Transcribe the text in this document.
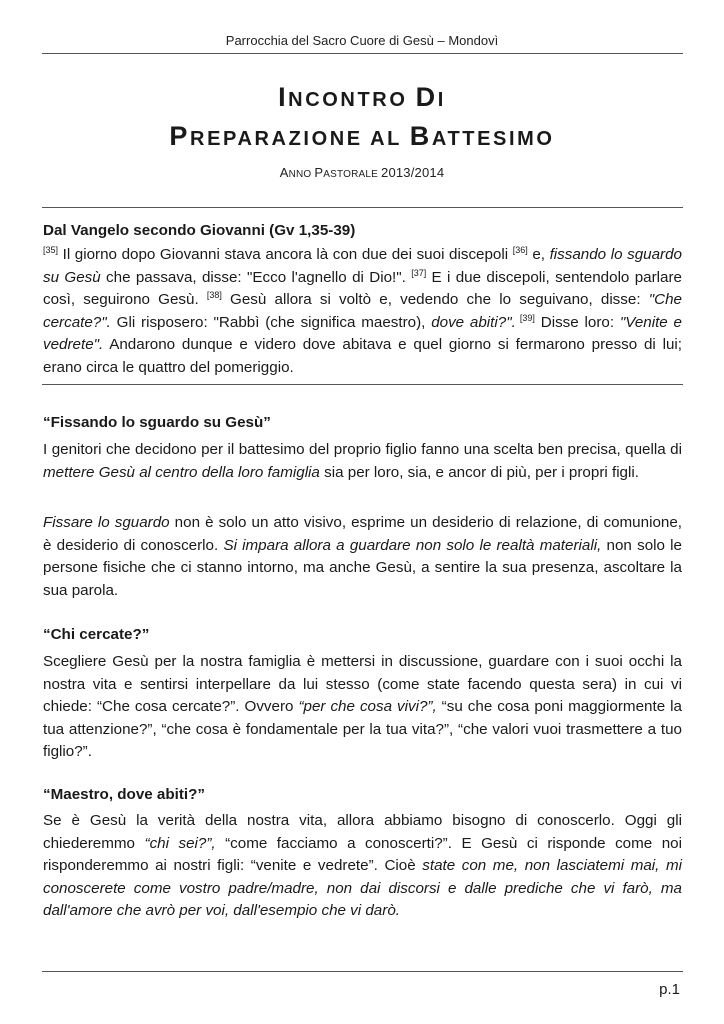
Parrocchia del Sacro Cuore di Gesù – Mondovì
INCONTRO DI
PREPARAZIONE AL BATTESIMO
ANNO PASTORALE 2013/2014
Dal Vangelo secondo Giovanni (Gv 1,35-39)
[35] Il giorno dopo Giovanni stava ancora là con due dei suoi discepoli [36] e, fissando lo sguardo su Gesù che passava, disse: "Ecco l'agnello di Dio!". [37] E i due discepoli, sentendolo parlare così, seguirono Gesù. [38] Gesù allora si voltò e, vedendo che lo seguivano, disse: "Che cercate?". Gli risposero: "Rabbì (che significa maestro), dove abiti?". [39] Disse loro: "Venite e vedrete". Andarono dunque e videro dove abitava e quel giorno si fermarono presso di lui; erano circa le quattro del pomeriggio.
“Fissando lo sguardo su Gesù”
I genitori che decidono per il battesimo del proprio figlio fanno una scelta ben precisa, quella di mettere Gesù al centro della loro famiglia sia per loro, sia, e ancor di più, per i propri figli.
Fissare lo sguardo non è solo un atto visivo, esprime un desiderio di relazione, di comunione, è desiderio di conoscerlo. Si impara allora a guardare non solo le realtà materiali, non solo le persone fisiche che ci stanno intorno, ma anche Gesù, a sentire la sua presenza, ascoltare la sua parola.
“Chi cercate?”
Scegliere Gesù per la nostra famiglia è mettersi in discussione, guardare con i suoi occhi la nostra vita e sentirsi interpellare da lui stesso (come state facendo questa sera) in cui vi chiede: “Che cosa cercate?”. Ovvero “per che cosa vivi?”, “su che cosa poni maggiormente la tua attenzione?”, “che cosa è fondamentale per la tua vita?”, “che valori vuoi trasmettere a tuo figlio?”.
“Maestro, dove abiti?”
Se è Gesù la verità della nostra vita, allora abbiamo bisogno di conoscerlo. Oggi gli chiederemmo “chi sei?”, “come facciamo a conoscerti?”. E Gesù ci risponde come noi risponderemmo ai nostri figli: “venite e vedrete”. Cioè state con me, non lasciatemi mai, mi conoscerete come vostro padre/madre, non dai discorsi e dalle prediche che vi farò, ma dall'amore che avrò per voi, dall'esempio che vi darò.
p.1
